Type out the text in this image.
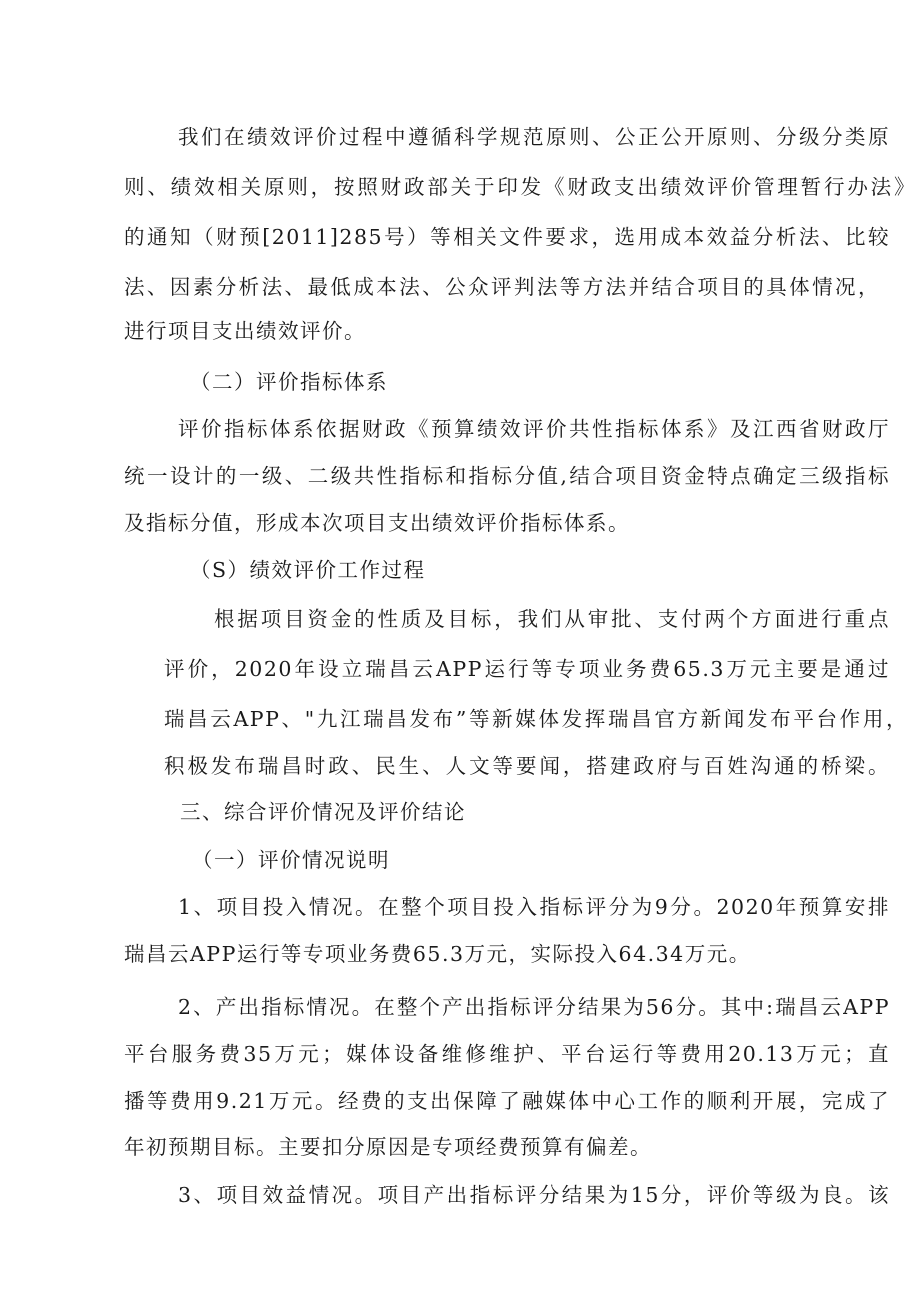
我们在绩效评价过程中遵循科学规范原则、公正公开原则、分级分类原
则、绩效相关原则，按照财政部关于印发《财政支出绩效评价管理暂行办法》
的通知（财预[2011]285号）等相关文件要求，选用成本效益分析法、比较
法、因素分析法、最低成本法、公众评判法等方法并结合项目的具体情况，
进行项目支出绩效评价。
（二）评价指标体系
评价指标体系依据财政《预算绩效评价共性指标体系》及江西省财政厅
统一设计的一级、二级共性指标和指标分值,结合项目资金特点确定三级指标
及指标分值，形成本次项目支出绩效评价指标体系。
（S）绩效评价工作过程
根据项目资金的性质及目标，我们从审批、支付两个方面进行重点
评价，2020年设立瑞昌云APP运行等专项业务费65.3万元主要是通过
瑞昌云APP、"九江瑞昌发布”等新媒体发挥瑞昌官方新闻发布平台作用，
积极发布瑞昌时政、民生、人文等要闻，搭建政府与百姓沟通的桥梁。
三、综合评价情况及评价结论
（一）评价情况说明
1、项目投入情况。在整个项目投入指标评分为9分。2020年预算安排
瑞昌云APP运行等专项业务费65.3万元，实际投入64.34万元。
2、产出指标情况。在整个产出指标评分结果为56分。其中:瑞昌云APP
平台服务费35万元；媒体设备维修维护、平台运行等费用20.13万元；直
播等费用9.21万元。经费的支出保障了融媒体中心工作的顺利开展，完成了
年初预期目标。主要扣分原因是专项经费预算有偏差。
3、项目效益情况。项目产出指标评分结果为15分，评价等级为良。该
